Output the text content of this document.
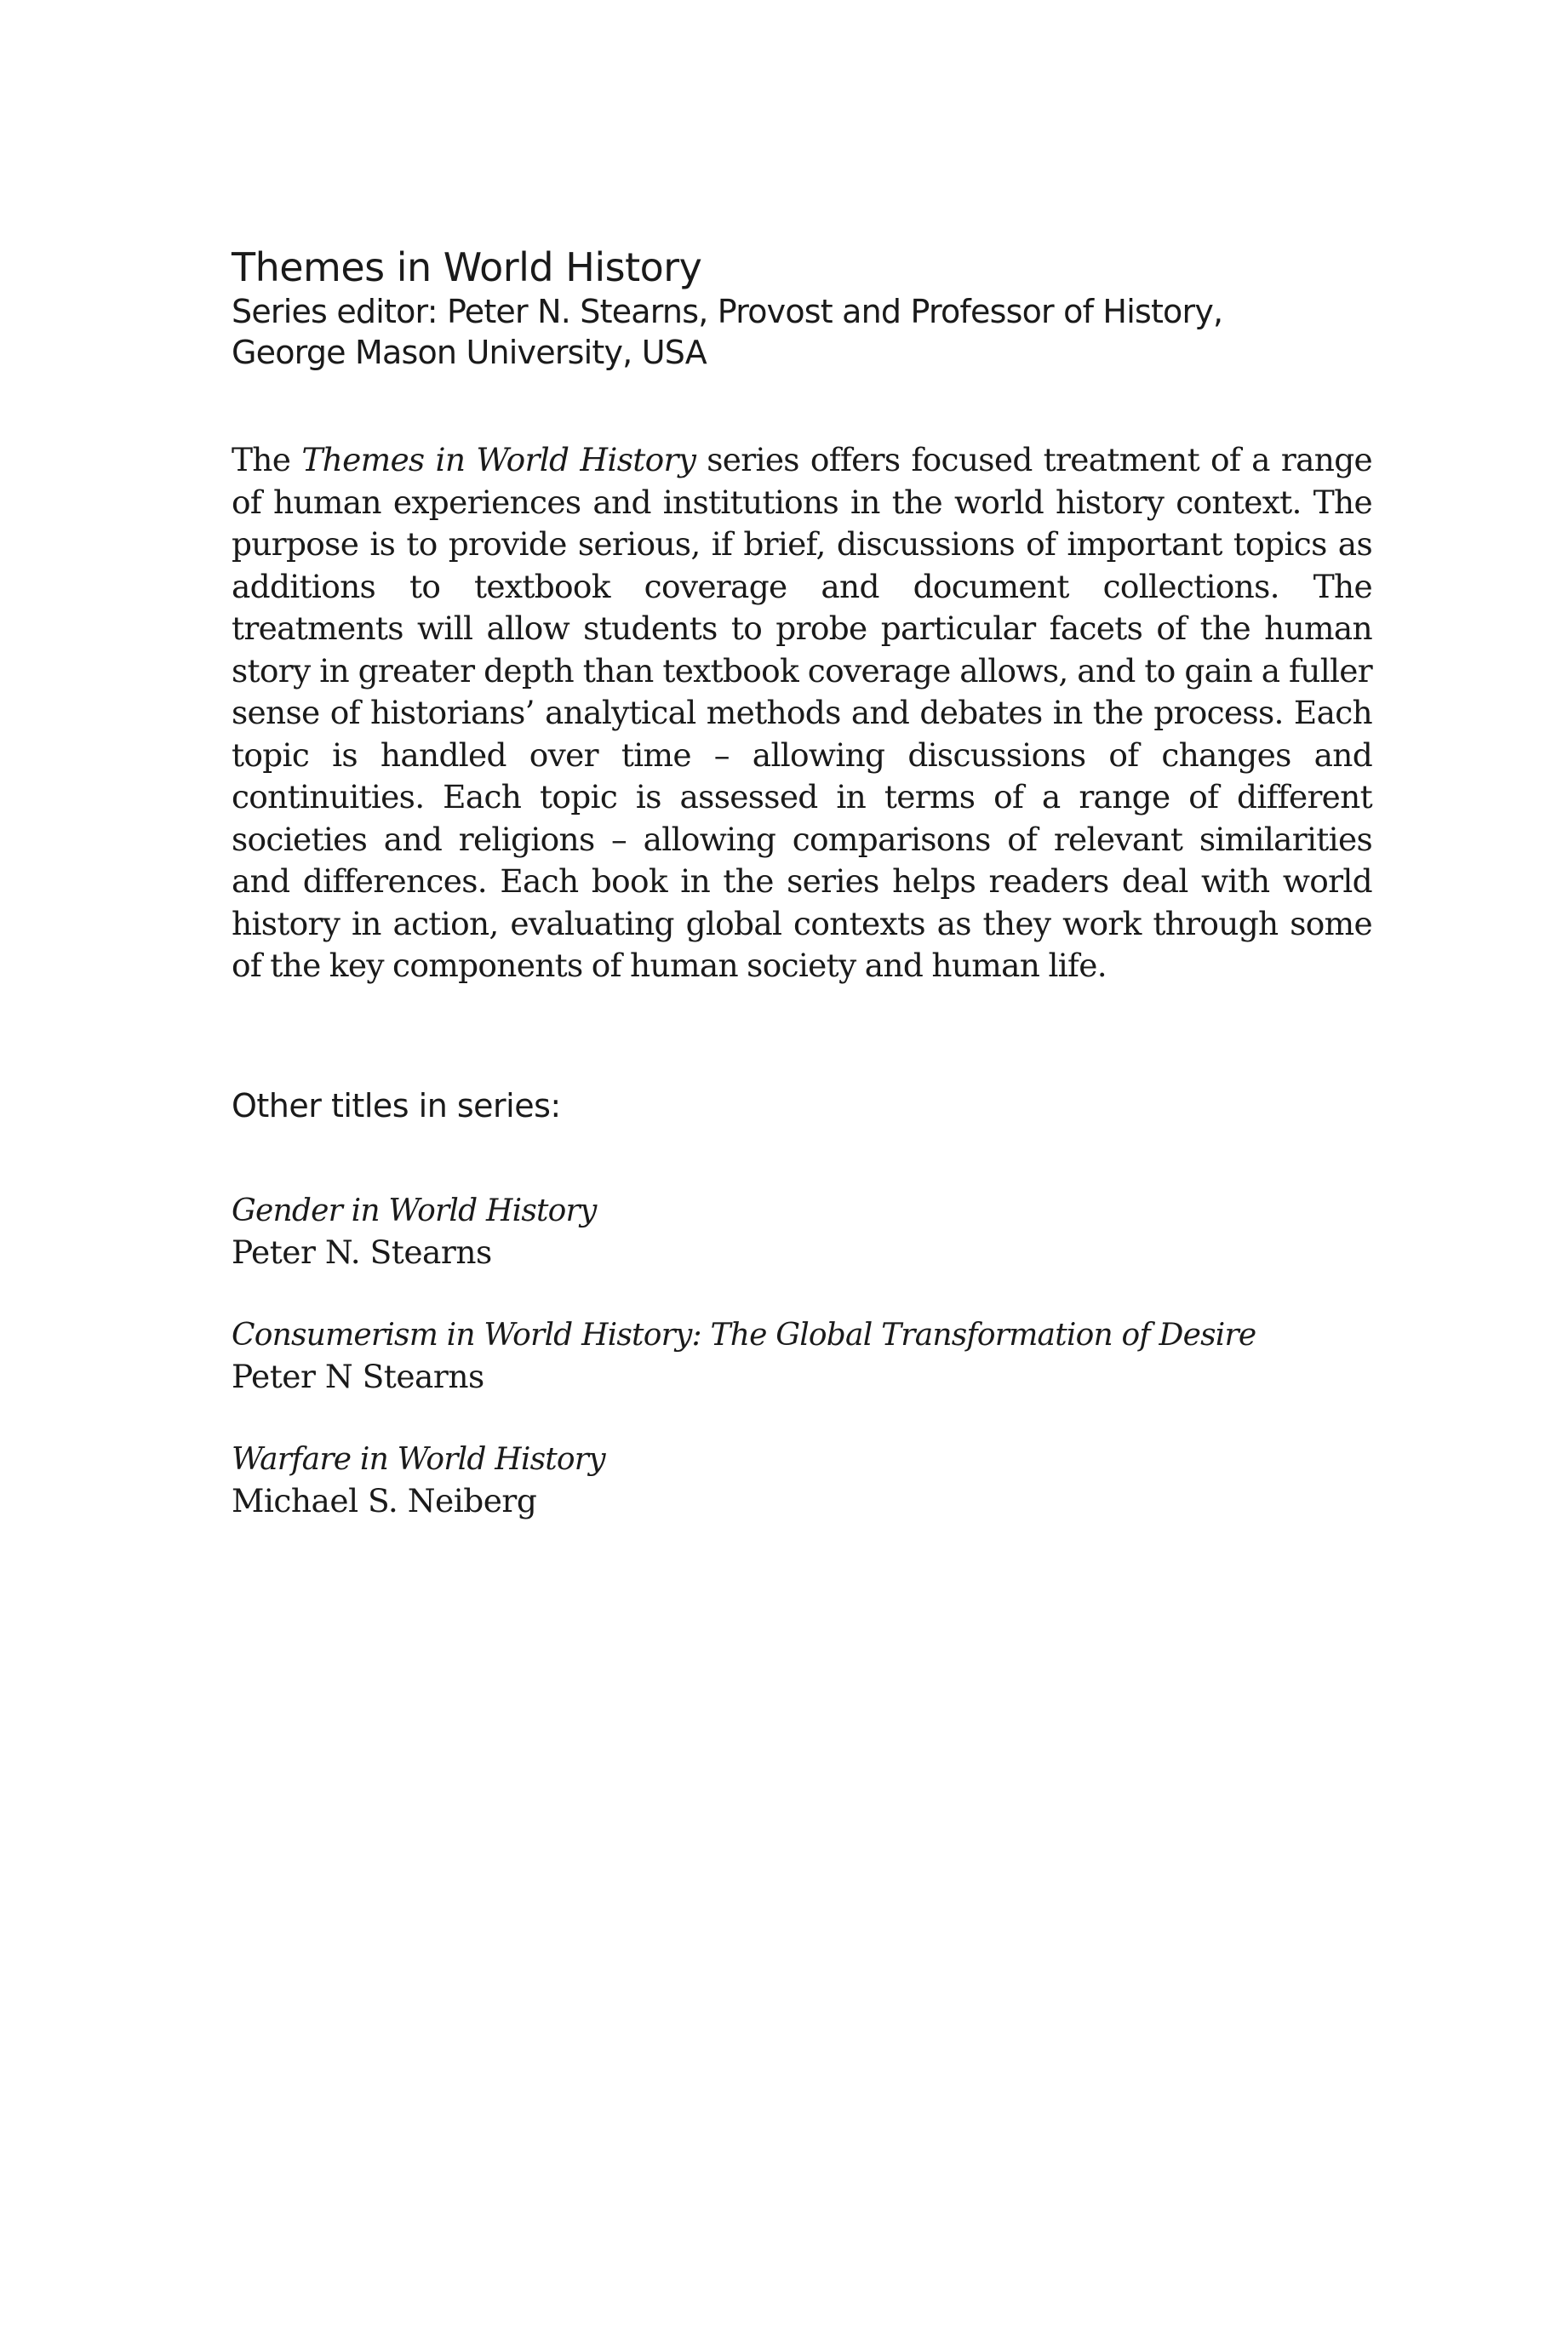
Themes in World History
Series editor: Peter N. Stearns, Provost and Professor of History,
George Mason University, USA

The Themes in World History series offers focused treatment of a range of human experiences and institutions in the world history context. The purpose is to provide serious, if brief, discussions of important topics as additions to textbook coverage and document collections. The treatments will allow students to probe particular facets of the human story in greater depth than textbook coverage allows, and to gain a fuller sense of historians’ analytical methods and debates in the process. Each topic is handled over time – allowing discussions of changes and continuities. Each topic is assessed in terms of a range of different societies and religions – allowing comparisons of relevant similarities and differences. Each book in the series helps readers deal with world history in action, evaluating global contexts as they work through some of the key components of human society and human life.

Other titles in series:
Gender in World History
Peter N. Stearns
Consumerism in World History: The Global Transformation of Desire
Peter N Stearns
Warfare in World History
Michael S. Neiberg
